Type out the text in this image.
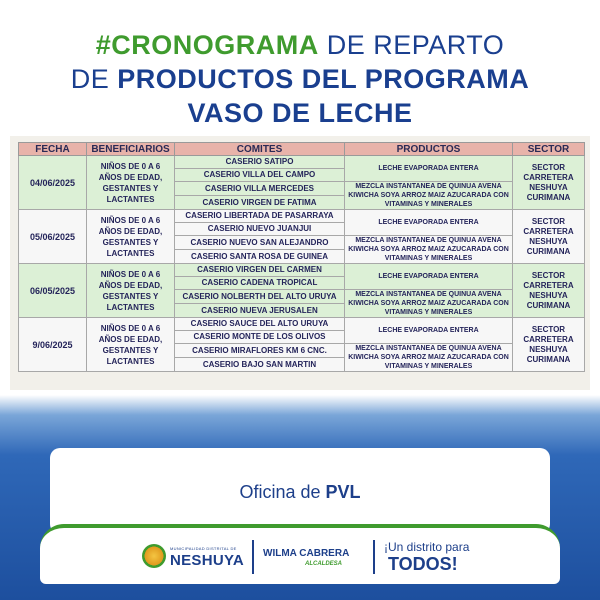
#CRONOGRAMA DE REPARTO
DE PRODUCTOS DEL PROGRAMA
VASO DE LECHE
FECHA	BENEFICIARIOS	COMITES	PRODUCTOS	SECTOR
04/06/2025	NIÑOS DE 0 A 6 AÑOS DE EDAD, GESTANTES Y LACTANTES	CASERIO SATIPO	LECHE EVAPORADA ENTERA	SECTOR CARRETERA NESHUYA CURIMANA
		CASERIO VILLA DEL CAMPO		
		CASERIO VILLA MERCEDES	MEZCLA INSTANTANEA DE QUINUA AVENA KIWICHA SOYA ARROZ MAIZ AZUCARADA CON VITAMINAS Y MINERALES	
		CASERIO VIRGEN DE FATIMA		
05/06/2025	NIÑOS DE 0 A 6 AÑOS DE EDAD, GESTANTES Y LACTANTES	CASERIO LIBERTADA DE PASARRAYA	LECHE EVAPORADA ENTERA	SECTOR CARRETERA NESHUYA CURIMANA
		CASERIO NUEVO JUANJUI		
		CASERIO NUEVO SAN ALEJANDRO	MEZCLA INSTANTANEA DE QUINUA AVENA KIWICHA SOYA ARROZ MAIZ AZUCARADA CON VITAMINAS Y MINERALES	
		CASERIO SANTA ROSA DE GUINEA		
06/05/2025	NIÑOS DE 0 A 6 AÑOS DE EDAD, GESTANTES Y LACTANTES	CASERIO VIRGEN DEL CARMEN	LECHE EVAPORADA ENTERA	SECTOR CARRETERA NESHUYA CURIMANA
		CASERIO CADENA TROPICAL		
		CASERIO NOLBERTH DEL ALTO URUYA	MEZCLA INSTANTANEA DE QUINUA AVENA KIWICHA SOYA ARROZ MAIZ AZUCARADA CON VITAMINAS Y MINERALES	
		CASERIO NUEVA JERUSALEN		
9/06/2025	NIÑOS DE 0 A 6 AÑOS DE EDAD, GESTANTES Y LACTANTES	CASERIO SAUCE DEL ALTO URUYA	LECHE EVAPORADA ENTERA	SECTOR CARRETERA NESHUYA CURIMANA
		CASERIO MONTE DE LOS OLIVOS		
		CASERIO MIRAFLORES KM 6 CNC.	MEZCLA INSTANTANEA DE QUINUA AVENA KIWICHA SOYA ARROZ MAIZ AZUCARADA CON VITAMINAS Y MINERALES	
		CASERIO BAJO SAN MARTIN		
Oficina de PVL
MUNICIPALIDAD DISTRITAL DE
NESHUYA WILMA CABRERA
ALCALDESA
¡Un distrito para
TODOS!
